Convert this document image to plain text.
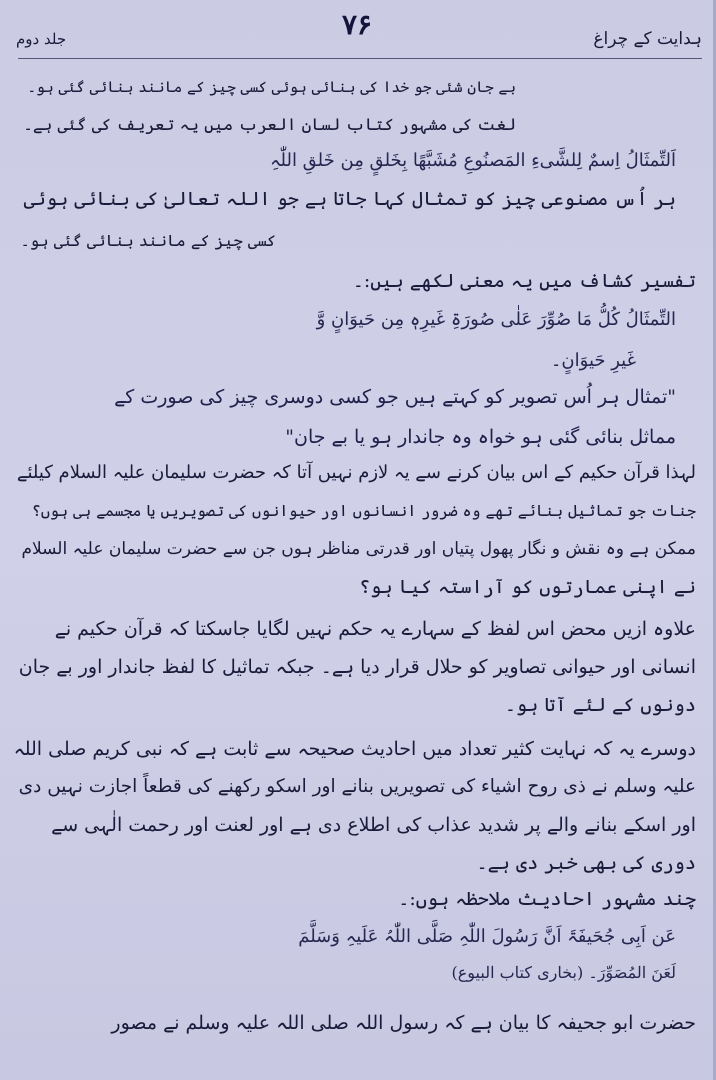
۷۶	ہدایت کے چراغ
جلد دوم
بے جان شئی جو خدا کی بنائی ہوئی کسی چیز کے مانند بنائی گئی ہو۔
لغت کی مشہور کتاب لسان العرب میں یہ تعریف کی گئی ہے۔
اَلتِّمثَالُ اِسمٌ لِلشَّیءِ المَصنُوعِ مُشَبَّهًا بِخَلقٍ مِن خَلقِ اللّٰہِ
ہر اُس مصنوعی چیز کو تمثال کہا جاتا ہے جو اللہ تعالیٰ کی بنائی ہوئی
کسی چیز کے مانند بنائی گئی ہو۔
تفسیر کشاف میں یہ معنی لکھے ہیں:۔
التِّمثَالُ کُلُّ مَا صُوِّرَ عَلٰی صُورَۃِ غَیرِہٖ مِن حَیوَانٍ وَّ
غَیرِ حَیوَانٍ۔
"تمثال ہر اُس تصویر کو کہتے ہیں جو کسی دوسری چیز کی صورت کے
مماثل بنائی گئی ہو خواہ وہ جاندار ہو یا بے جان"
لہذا قرآن حکیم کے اس بیان کرنے سے یہ لازم نہیں آتا کہ حضرت سلیمان علیہ السلام کیلئے
جنات جو تماثیل بنائے تھے وہ ضرور انسانوں اور حیوانوں کی تصویریں یا مجسمے ہی ہوں؟
ممکن ہے وہ نقش و نگار پھول پتیاں اور قدرتی مناظر ہوں جن سے حضرت سلیمان علیہ السلام
نے اپنی عمارتوں کو آراستہ کیا ہو؟
علاوہ ازیں محض اس لفظ کے سہارے یہ حکم نہیں لگایا جاسکتا کہ قرآن حکیم نے
انسانی اور حیوانی تصاویر کو حلال قرار دیا ہے۔ جبکہ تماثیل کا لفظ جاندار اور بے جان
دونوں کے لئے آتا ہو۔
دوسرے یہ کہ نہایت کثیر تعداد میں احادیث صحیحہ سے ثابت ہے کہ نبی کریم صلی اللہ
علیہ وسلم نے ذی روح اشیاء کی تصویریں بنانے اور اسکو رکھنے کی قطعاً اجازت نہیں دی
اور اسکے بنانے والے پر شدید عذاب کی اطلاع دی ہے اور لعنت اور رحمت الٰہی سے
دوری کی بھی خبر دی ہے۔
چند مشہور احادیث ملاحظہ ہوں:۔
عَن اَبِی جُحَیفَۃَ اَنَّ رَسُولَ اللّٰہِ صَلَّی اللّٰہُ عَلَیہِ وَسَلَّمَ
لَعَنَ المُصَوِّرَ۔ (بخاری کتاب البیوع)
حضرت ابو جحیفہ کا بیان ہے کہ رسول اللہ صلی اللہ علیہ وسلم نے مصور
